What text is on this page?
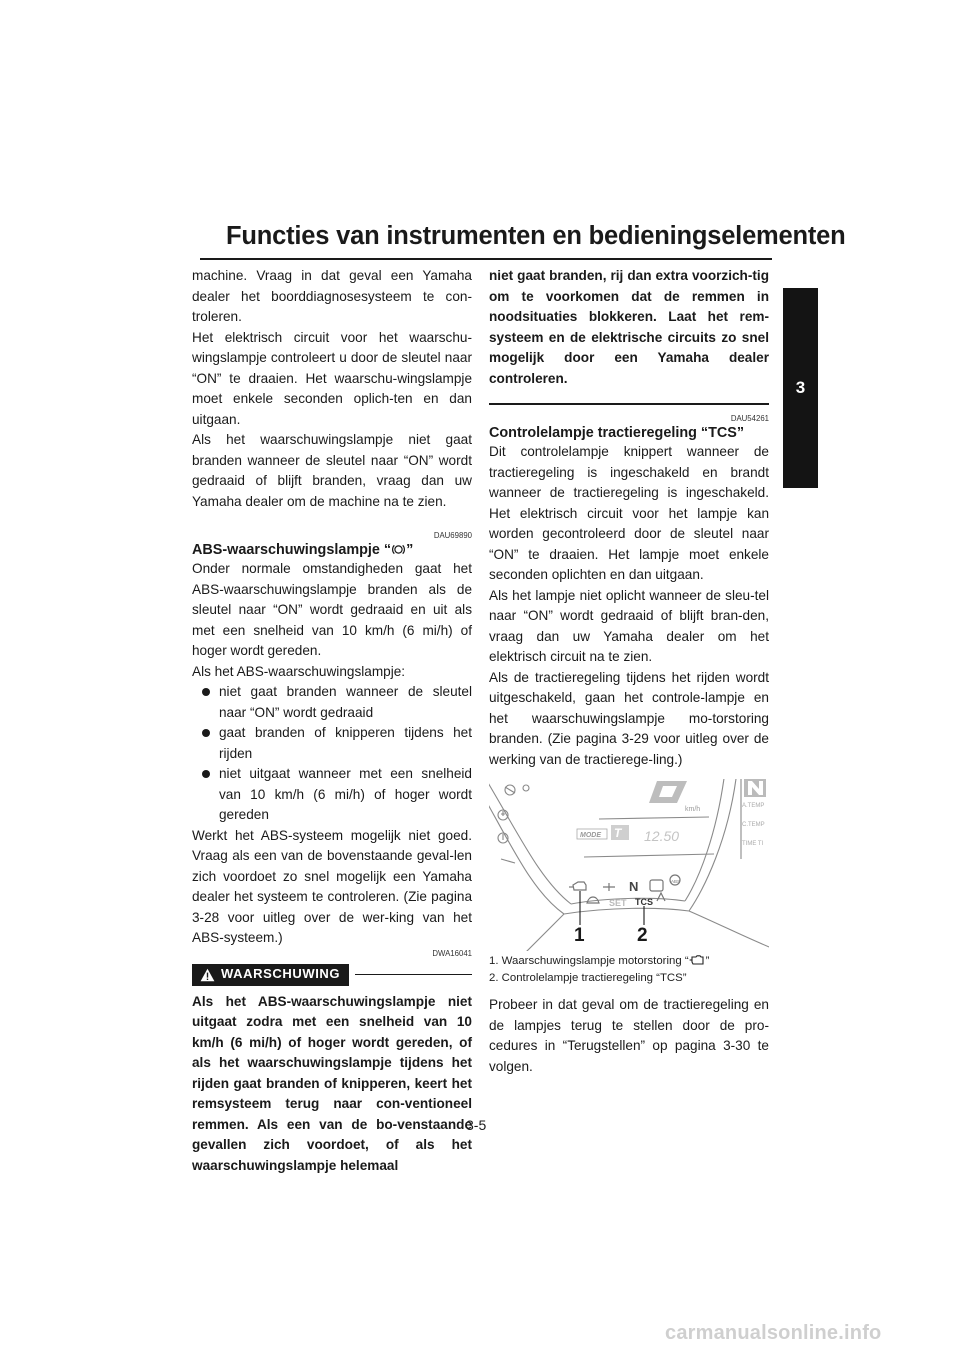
Functies van instrumenten en bedieningselementen
3

machine. Vraag in dat geval een Yamaha dealer het boorddiagnosesysteem te con-troleren.

Het elektrisch circuit voor het waarschu-wingslampje controleert u door de sleutel naar “ON” te draaien. Het waarschu-wingslampje moet enkele seconden oplich-ten en dan uitgaan.

Als het waarschuwingslampje niet gaat branden wanneer de sleutel naar “ON” wordt gedraaid of blijft branden, vraag dan uw Yamaha dealer om de machine na te zien.

DAU69890
ABS-waarschuwingslampje “ ”

Onder normale omstandigheden gaat het ABS-waarschuwingslampje branden als de sleutel naar “ON” wordt gedraaid en uit als met een snelheid van 10 km/h (6 mi/h) of hoger wordt gereden.

Als het ABS-waarschuwingslampje:

niet gaat branden wanneer de sleutel naar “ON” wordt gedraaid
gaat branden of knipperen tijdens het rijden
niet uitgaat wanneer met een snelheid van 10 km/h (6 mi/h) of hoger wordt gereden

Werkt het ABS-systeem mogelijk niet goed. Vraag als een van de bovenstaande geval-len zich voordoet zo snel mogelijk een Yamaha dealer het systeem te controleren. (Zie pagina 3-28 voor uitleg over de wer-king van het ABS-systeem.)

DWA16041
WAARSCHUWING

Als het ABS-waarschuwingslampje niet uitgaat zodra met een snelheid van 10 km/h (6 mi/h) of hoger wordt gereden, of als het waarschuwingslampje tijdens het rijden gaat branden of knipperen, keert het remsysteem terug naar con-ventioneel remmen. Als een van de bo-venstaande gevallen zich voordoet, of als het waarschuwingslampje helemaal

niet gaat branden, rij dan extra voorzich-tig om te voorkomen dat de remmen in noodsituaties blokkeren. Laat het rem-systeem en de elektrische circuits zo snel mogelijk door een Yamaha dealer controleren.

DAU54261
Controlelampje tractieregeling “TCS”

Dit controlelampje knippert wanneer de tractieregeling is ingeschakeld en brandt wanneer de tractieregeling is ingeschakeld. Het elektrisch circuit voor het lampje kan worden gecontroleerd door de sleutel naar “ON” te draaien. Het lampje moet enkele seconden oplichten en dan uitgaan.

Als het lampje niet oplicht wanneer de sleu-tel naar “ON” wordt gedraaid of blijft bran-den, vraag dan uw Yamaha dealer om het elektrisch circuit na te zien.

Als de tractieregeling tijdens het rijden wordt uitgeschakeld, gaan het controle-lampje en het waarschuwingslampje mo-torstoring branden. (Zie pagina 3-29 voor uitleg over de werking van de tractierege-ling.)

km/h	A.TEMP
C.TEMP
TIME TI
MODE T 12.50
N	ABS
SET TCS
1	2
1. Waarschuwingslampje motorstoring “ ”
2. Controlelampje tractieregeling “TCS”

Probeer in dat geval om de tractieregeling en de lampjes terug te stellen door de pro-cedures in “Terugstellen” op pagina 3-30 te volgen.

3-5
carmanualsonline.info
